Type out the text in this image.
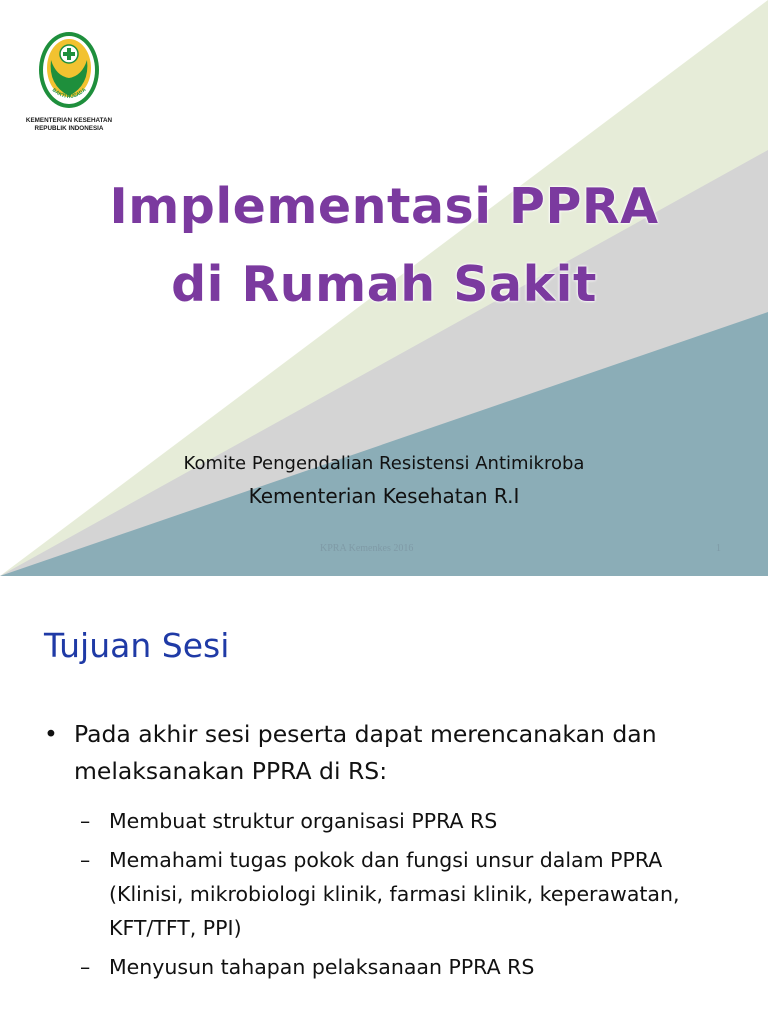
BAKTI HUSADA
KEMENTERIAN KESEHATAN
REPUBLIK INDONESIA
Implementasi PPRA
di Rumah Sakit
Komite Pengendalian Resistensi Antimikroba
Kementerian Kesehatan R.I
KPRA Kemenkes 2016	1
Tujuan Sesi
• Pada akhir sesi peserta dapat merencanakan dan melaksanakan PPRA di RS:
– Membuat struktur organisasi PPRA RS
– Memahami tugas pokok dan fungsi unsur dalam PPRA (Klinisi, mikrobiologi klinik, farmasi klinik, keperawatan, KFT/TFT, PPI)
– Menyusun tahapan pelaksanaan PPRA RS
